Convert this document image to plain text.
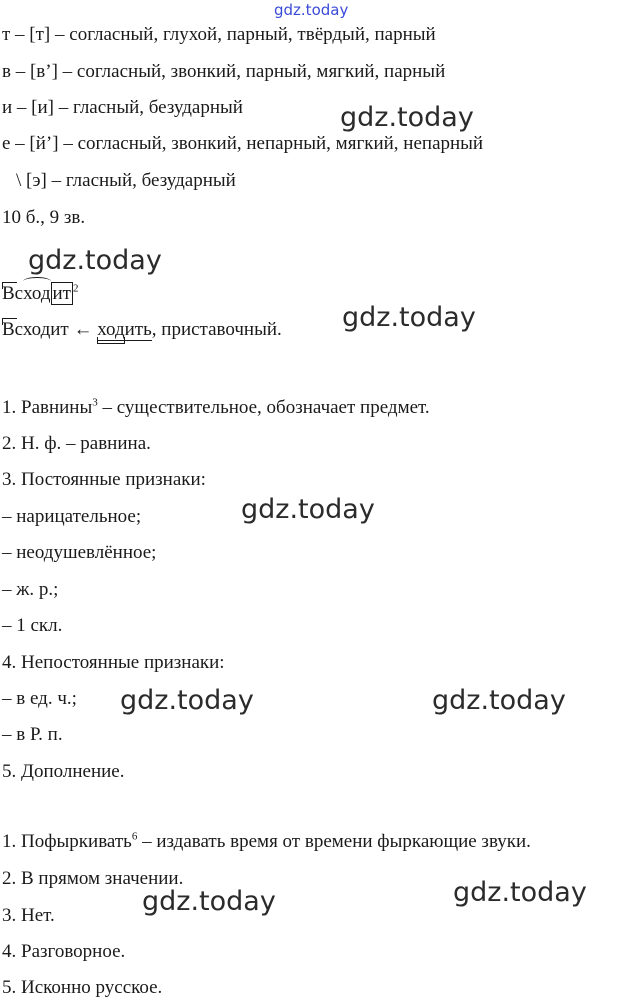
gdz.today
т – [т] – согласный, глухой, парный, твёрдый, парный
в – [в’] – согласный, звонкий, парный, мягкий, парный
и – [и] – гласный, безударный
е – [й’] – согласный, звонкий, непарный, мягкий, непарный
\ [э] – гласный, безударный
10 б., 9 зв.
Всход ит $^2$
Всходит ← ходить, приставочный.
1. Равнины$^3$ – существительное, обозначает предмет.
2. Н. ф. – равнина.
3. Постоянные признаки:
– нарицательное;
– неодушевлённое;
– ж. р.;
– 1 скл.
4. Непостоянные признаки:
– в ед. ч.;
– в Р. п.
5. Дополнение.
1. Пофыркивать$^6$ – издавать время от времени фыркающие звуки.
2. В прямом значении.
3. Нет.
4. Разговорное.
5. Исконно русское.
gdz.today
gdz.today
gdz.today
gdz.today
gdz.today	gdz.today
gdz.today
gdz.today
